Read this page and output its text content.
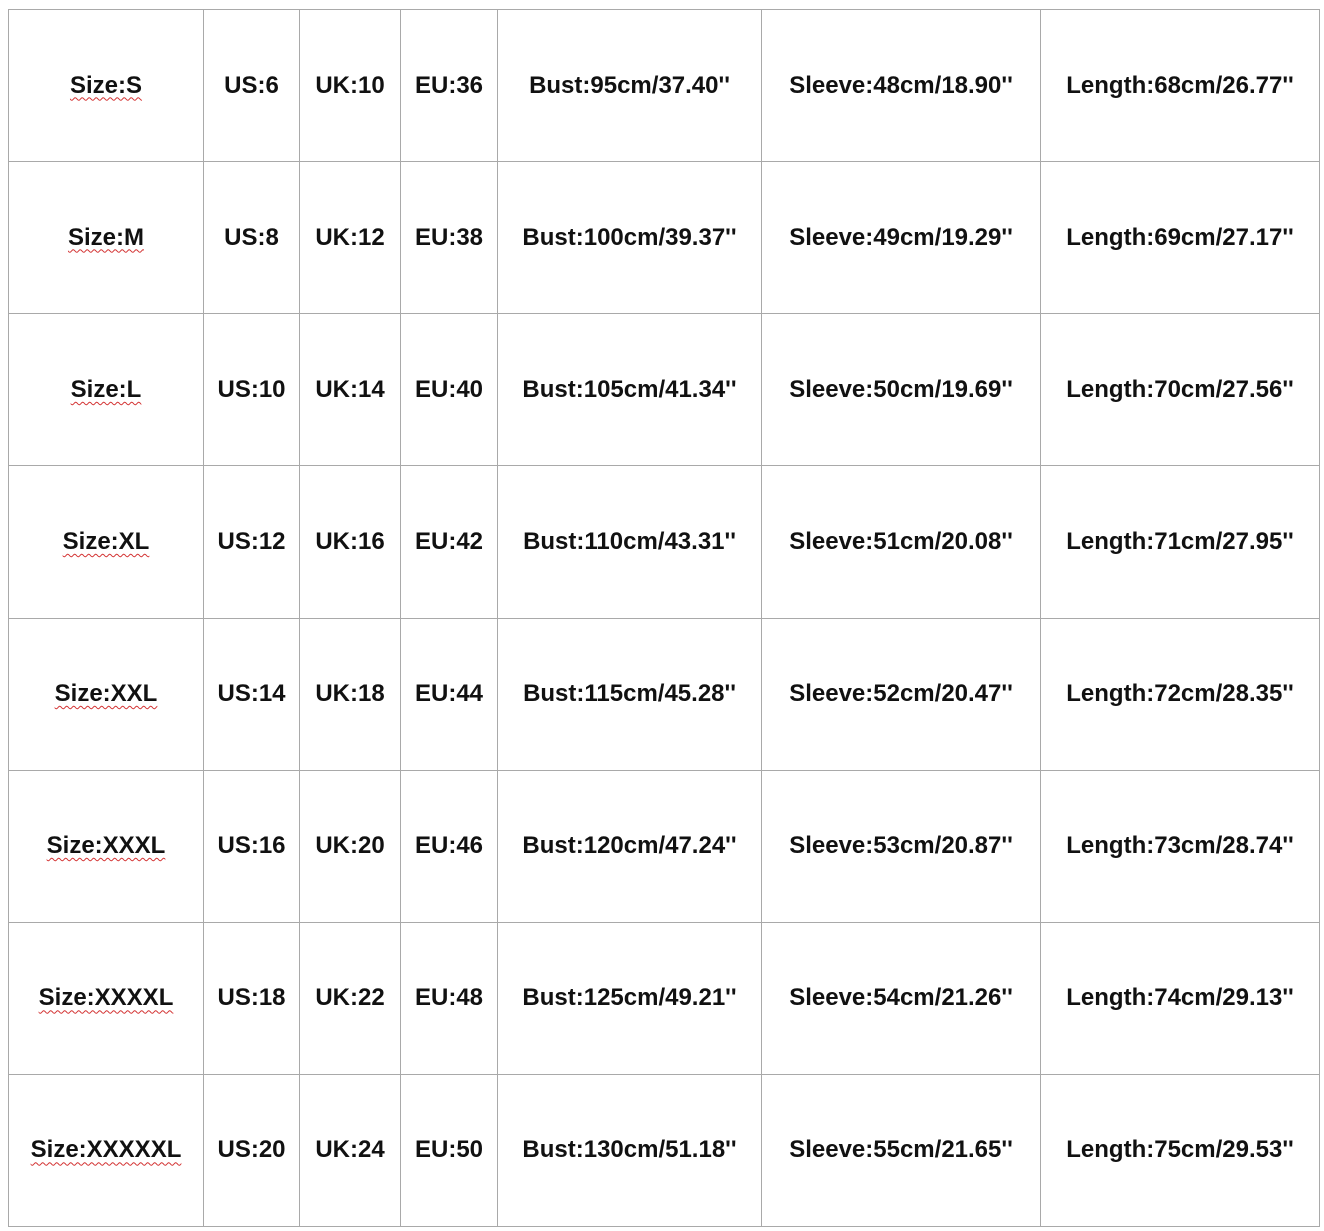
Size:S	US:6	UK:10	EU:36	Bust:95cm/37.40''	Sleeve:48cm/18.90''	Length:68cm/26.77''
Size:M	US:8	UK:12	EU:38	Bust:100cm/39.37''	Sleeve:49cm/19.29''	Length:69cm/27.17''
Size:L	US:10	UK:14	EU:40	Bust:105cm/41.34''	Sleeve:50cm/19.69''	Length:70cm/27.56''
Size:XL	US:12	UK:16	EU:42	Bust:110cm/43.31''	Sleeve:51cm/20.08''	Length:71cm/27.95''
Size:XXL	US:14	UK:18	EU:44	Bust:115cm/45.28''	Sleeve:52cm/20.47''	Length:72cm/28.35''
Size:XXXL	US:16	UK:20	EU:46	Bust:120cm/47.24''	Sleeve:53cm/20.87''	Length:73cm/28.74''
Size:XXXXL	US:18	UK:22	EU:48	Bust:125cm/49.21''	Sleeve:54cm/21.26''	Length:74cm/29.13''
Size:XXXXXL	US:20	UK:24	EU:50	Bust:130cm/51.18''	Sleeve:55cm/21.65''	Length:75cm/29.53''
